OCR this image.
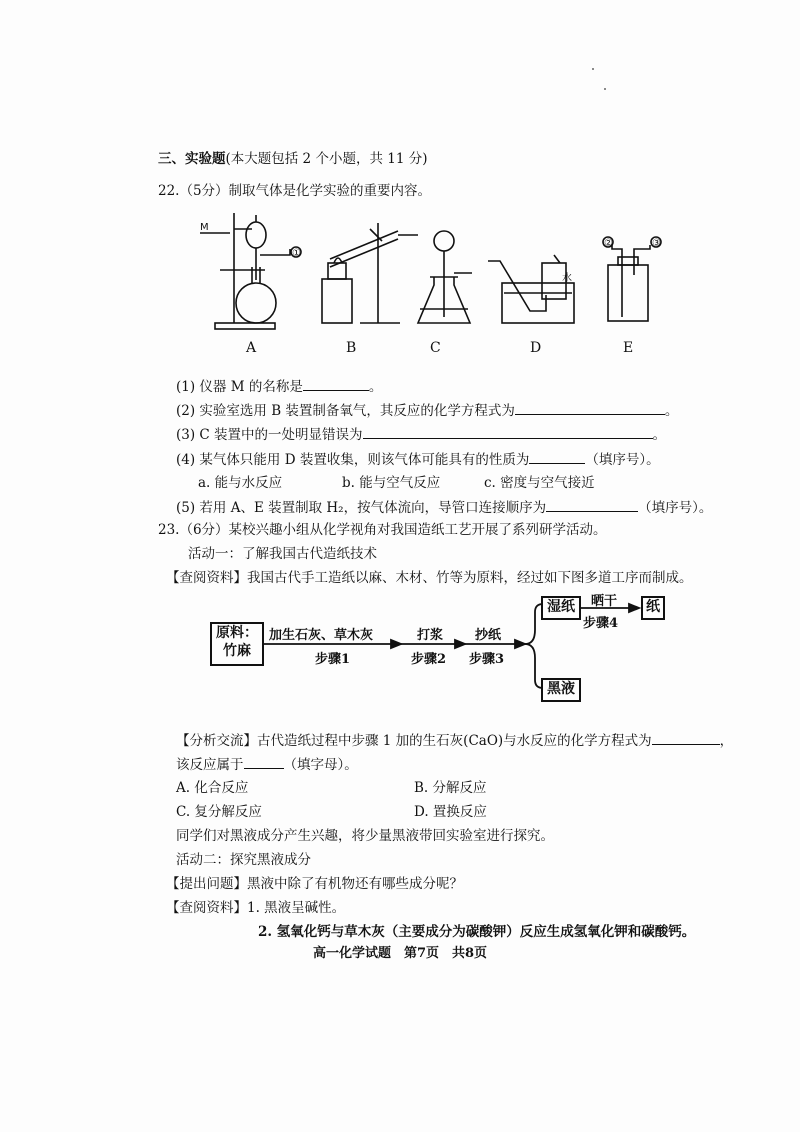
三、实验题(本大题包括 2 个小题，共 11 分)
22.（5分）制取气体是化学实验的重要内容。
M
①
②	③
水
A	B	C	D	E
(1) 仪器 M 的名称是	。
(2) 实验室选用 B 装置制备氧气，其反应的化学方程式为	。
(3) C 装置中的一处明显错误为	。
(4) 某气体只能用 D 装置收集，则该气体可能具有的性质为	（填序号）。
a. 能与水反应	b. 能与空气反应	c. 密度与空气接近
(5) 若用 A、E 装置制取 H₂，按气体流向，导管口连接顺序为	（填序号）。
23.（6分）某校兴趣小组从化学视角对我国造纸工艺开展了系列研学活动。
活动一：了解我国古代造纸技术
【查阅资料】我国古代手工造纸以麻、木材、竹等为原料，经过如下图多道工序而制成。
原料：
竹麻
加生石灰、草木灰
步骤1
打浆
步骤2
抄纸
步骤3
湿纸	晒干
步骤4
纸
黑液
【分析交流】古代造纸过程中步骤 1 加的生石灰(CaO)与水反应的化学方程式为	，
该反应属于	（填字母）。
A. 化合反应	B. 分解反应
C. 复分解反应	D. 置换反应
同学们对黑液成分产生兴趣，将少量黑液带回实验室进行探究。
活动二：探究黑液成分
【提出问题】黑液中除了有机物还有哪些成分呢？
【查阅资料】1. 黑液呈碱性。
2. 氢氧化钙与草木灰（主要成分为碳酸钾）反应生成氢氧化钾和碳酸钙。
高一化学试题　第7页　共8页
